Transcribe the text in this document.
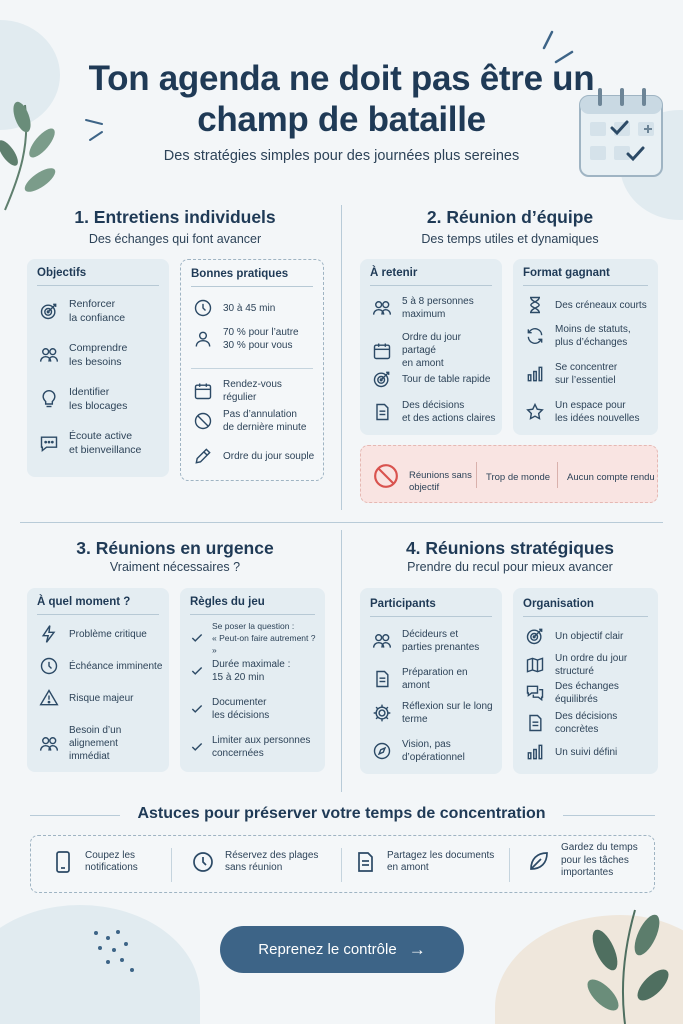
Ton agenda ne doit pas être un champ de bataille
Des stratégies simples pour des journées plus sereines
1. Entretiens individuels
Des échanges qui font avancer
Objectifs
Renforcer
la confiance
Comprendre
les besoins
Identifier
les blocages
Écoute active
et bienveillance
Bonnes pratiques
30 à 45 min
70 % pour l’autre
30 % pour vous
Rendez-vous régulier
Pas d’annulation
de dernière minute
Ordre du jour souple
2. Réunion d’équipe
Des temps utiles et dynamiques
À retenir
5 à 8 personnes
maximum
Ordre du jour partagé
en amont
Tour de table rapide
Des décisions
et des actions claires
Format gagnant
Des créneaux courts
Moins de statuts,
plus d’échanges
Se concentrer
sur l’essentiel
Un espace pour
les idées nouvelles
Réunions sans
objectif
Trop de monde Aucun compte rendu
3. Réunions en urgence
Vraiment nécessaires ?
À quel moment ?
Problème critique
Échéance imminente
Risque majeur
Besoin d’un alignement
immédiat
Règles du jeu
Se poser la question :
« Peut-on faire autrement ? »
Durée maximale :
15 à 20 min
Documenter
les décisions
Limiter aux personnes
concernées
4. Réunions stratégiques
Prendre du recul pour mieux avancer
Participants
Décideurs et
parties prenantes
Préparation en amont
Réflexion sur le long
terme
Vision, pas d’opérationnel
Organisation
Un objectif clair
Un ordre du jour structuré
Des échanges équilibrés
Des décisions concrètes
Un suivi défini
Astuces pour préserver votre temps de concentration
Coupez les
notifications
Réservez des plages
sans réunion
Partagez les documents
en amont
Gardez du temps
pour les tâches
importantes
Reprenez le contrôle →
